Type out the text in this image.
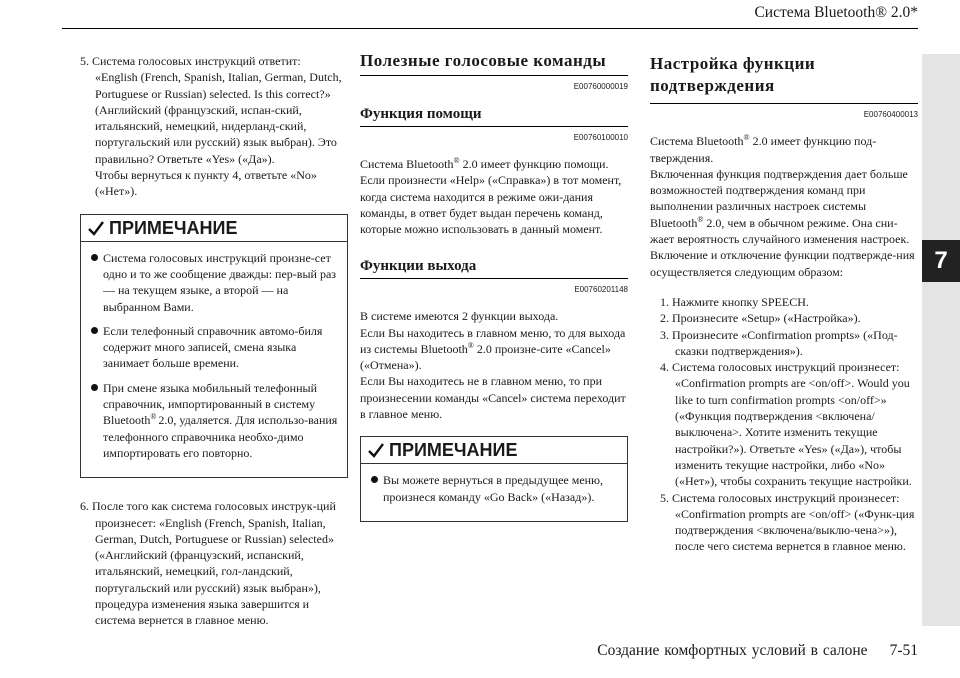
Система Bluetooth® 2.0*
7
5. Система голосовых инструкций ответит:
«English (French, Spanish, Italian, German, Dutch, Portuguese or Russian) selected. Is this correct?» (Английский (французский, испан-ский, итальянский, немецкий, нидерланд-ский, португальский или русский) язык выбран). Это правильно? Ответьте «Yes» («Да»).
Чтобы вернуться к пункту 4, ответьте «No» («Нет»).
ПРИМЕЧАНИЕ
Система голосовых инструкций произне-сет одно и то же сообщение дважды: пер-вый раз — на текущем языке, а второй — на выбранном Вами.
Если телефонный справочник автомо-биля содержит много записей, смена языка занимает больше времени.
При смене языка мобильный телефонный справочник, импортированный в систему Bluetooth® 2.0, удаляется. Для использо-вания телефонного справочника необхо-димо импортировать его повторно.
6. После того как система голосовых инструк-ций произнесет: «English (French, Spanish, Italian, German, Dutch, Portuguese or Russian) selected» («Английский (французский, испанский, итальянский, немецкий, гол-ландский, португальский или русский) язык выбран»), процедура изменения языка завершится и система вернется в главное меню.
Полезные голосовые команды
E00760000019
Функция помощи
E00760100010

Система Bluetooth® 2.0 имеет функцию помощи.

Если произнести «Help» («Справка») в тот момент, когда система находится в режиме ожи-дания команды, в ответ будет выдан перечень команд, которые можно использовать в данный момент.

Функции выхода
E00760201148

В системе имеются 2 функции выхода.

Если Вы находитесь в главном меню, то для выхода из системы Bluetooth® 2.0 произне-сите «Cancel» («Отмена»).

Если Вы находитесь не в главном меню, то при произнесении команды «Cancel» система переходит в главное меню.

ПРИМЕЧАНИЕ
Вы можете вернуться в предыдущее меню, произнеся команду «Go Back» («Назад»).
Настройка функции подтверждения
E00760400013

Система Bluetooth® 2.0 имеет функцию под-тверждения.

Включенная функция подтверждения дает больше возможностей подтверждения команд при выполнении различных настроек системы Bluetooth® 2.0, чем в обычном режиме. Она сни-жает вероятность случайного изменения настроек.

Включение и отключение функции подтвержде-ния осуществляется следующим образом:

1. Нажмите кнопку SPEECH.
2. Произнесите «Setup» («Настройка»).
3. Произнесите «Confirmation prompts» («Под-сказки подтверждения»).
4. Система голосовых инструкций произнесет: «Confirmation prompts are <on/off>. Would you like to turn confirmation prompts <on/off>» («Функция подтверждения <включена/выключена>. Хотите изменить текущие настройки?»). Ответьте «Yes» («Да»), чтобы изменить текущие настройки, либо «No» («Нет»), чтобы сохранить текущие настройки.
5. Система голосовых инструкций произнесет: «Confirmation prompts are <on/off> («Функ-ция подтверждения <включена/выклю-чена>»), после чего система вернется в главное меню.
Создание комфортных условий в салоне 7-51
